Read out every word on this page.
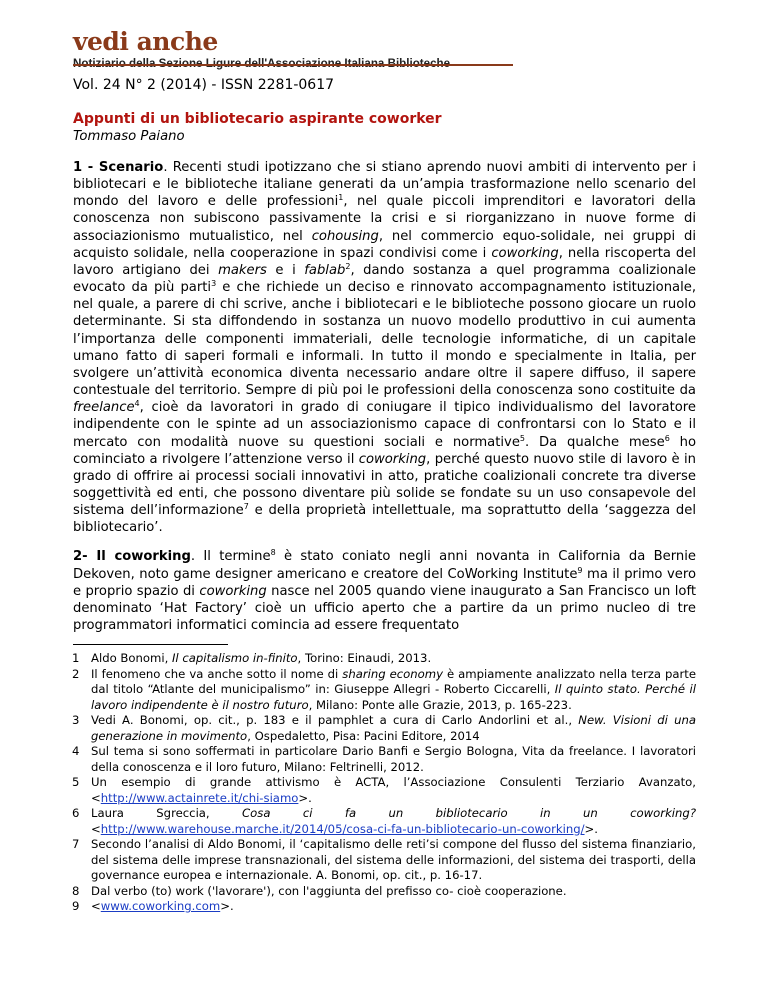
vedi anche
Vol. 24 N° 2 (2014) - ISSN 2281-0617
Appunti di un bibliotecario aspirante coworker
Tommaso Paiano

1 - Scenario. Recenti studi ipotizzano che si stiano aprendo nuovi ambiti di intervento per i bibliotecari e le biblioteche italiane generati da un’ampia trasformazione nello scenario del mondo del lavoro e delle professioni$^1$, nel quale piccoli imprenditori e lavoratori della conoscenza non subiscono passivamente la crisi e si riorganizzano in nuove forme di associazionismo mutualistico, nel cohousing, nel commercio equo-solidale, nei gruppi di acquisto solidale, nella cooperazione in spazi condivisi come i coworking, nella riscoperta del lavoro artigiano dei makers e i fablab$^2$, dando sostanza a quel programma coalizionale evocato da più parti$^3$ e che richiede un deciso e rinnovato accompagnamento istituzionale, nel quale, a parere di chi scrive, anche i bibliotecari e le biblioteche possono giocare un ruolo determinante. Si sta diffondendo in sostanza un nuovo modello produttivo in cui aumenta l’importanza delle componenti immateriali, delle tecnologie informatiche, di un capitale umano fatto di saperi formali e informali. In tutto il mondo e specialmente in Italia, per svolgere un’attività economica diventa necessario andare oltre il sapere diffuso, il sapere contestuale del territorio. Sempre di più poi le professioni della conoscenza sono costituite da freelance$^4$, cioè da lavoratori in grado di coniugare il tipico individualismo del lavoratore indipendente con le spinte ad un associazionismo capace di confrontarsi con lo Stato e il mercato con modalità nuove su questioni sociali e normative$^5$. Da qualche mese$^6$ ho cominciato a rivolgere l’attenzione verso il coworking, perché questo nuovo stile di lavoro è in grado di offrire ai processi sociali innovativi in atto, pratiche coalizionali concrete tra diverse soggettività ed enti, che possono diventare più solide se fondate su un uso consapevole del sistema dell’informazione$^7$ e della proprietà intellettuale, ma soprattutto della ‘saggezza del bibliotecario’.

2- Il coworking. Il termine$^8$ è stato coniato negli anni novanta in California da Bernie Dekoven, noto game designer americano e creatore del CoWorking Institute$^9$ ma il primo vero e proprio spazio di coworking nasce nel 2005 quando viene inaugurato a San Francisco un loft denominato ‘Hat Factory’ cioè un ufficio aperto che a partire da un primo nucleo di tre programmatori informatici comincia ad essere frequentato

1 Aldo Bonomi, Il capitalismo in-finito, Torino: Einaudi, 2013.
2 Il fenomeno che va anche sotto il nome di sharing economy è ampiamente analizzato nella terza parte dal titolo “Atlante del municipalismo” in: Giuseppe Allegri - Roberto Ciccarelli, Il quinto stato. Perché il lavoro indipendente è il nostro futuro, Milano: Ponte alle Grazie, 2013, p. 165-223.
3 Vedi A. Bonomi, op. cit., p. 183 e il pamphlet a cura di Carlo Andorlini et al., New. Visioni di una generazione in movimento, Ospedaletto, Pisa: Pacini Editore, 2014
4 Sul tema si sono soffermati in particolare Dario Banfi e Sergio Bologna, Vita da freelance. I lavoratori della conoscenza e il loro futuro, Milano: Feltrinelli, 2012.
5 Un esempio di grande attivismo è ACTA, l’Associazione Consulenti Terziario Avanzato, <http://www.actainrete.it/chi-siamo>.
6 Laura Sgreccia, Cosa ci fa un bibliotecario in un coworking? <http://www.warehouse.marche.it/2014/05/cosa-ci-fa-un-bibliotecario-un-coworking/>.
7 Secondo l’analisi di Aldo Bonomi, il ‘capitalismo delle reti’si compone del flusso del sistema finanziario, del sistema delle imprese transnazionali, del sistema delle informazioni, del sistema dei trasporti, della governance europea e internazionale. A. Bonomi, op. cit., p. 16-17.
8 Dal verbo (to) work ('lavorare'), con l'aggiunta del prefisso co- cioè cooperazione.
9 <www.coworking.com>.
